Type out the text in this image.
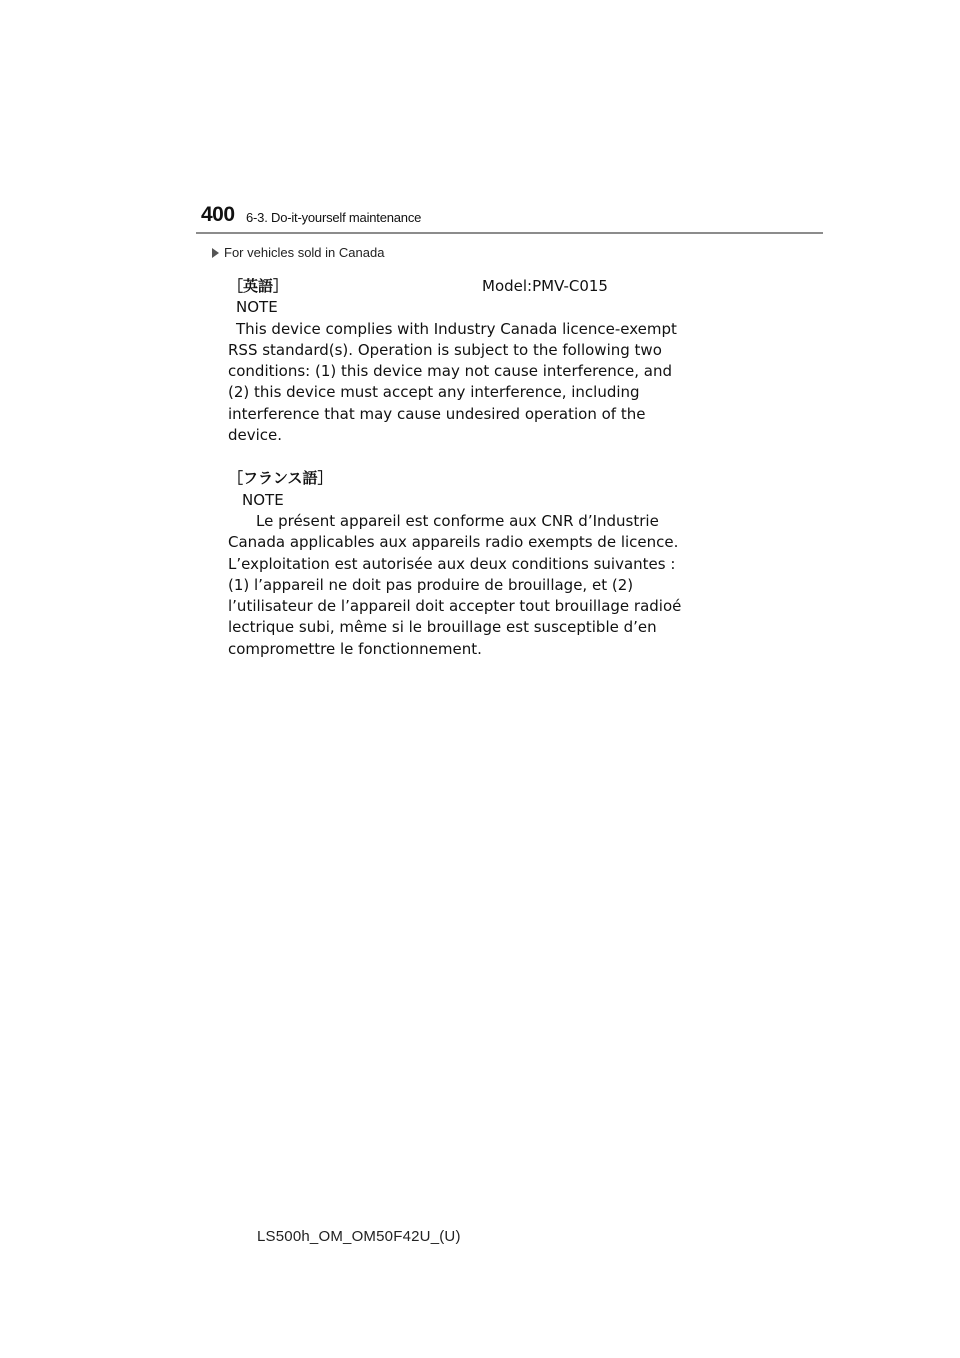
400 6-3. Do-it-yourself maintenance
For vehicles sold in Canada
［英語］	Model:PMV-C015
NOTE
This device complies with Industry Canada licence-exempt
RSS standard(s). Operation is subject to the following two
conditions: (1) this device may not cause interference, and
(2) this device must accept any interference, including
interference that may cause undesired operation of the
device.
［フランス語］
NOTE
Le présent appareil est conforme aux CNR d’Industrie
Canada applicables aux appareils radio exempts de licence.
L’exploitation est autorisée aux deux conditions suivantes :
(1) l’appareil ne doit pas produire de brouillage, et (2)
l’utilisateur de l’appareil doit accepter tout brouillage radioé
lectrique subi, même si le brouillage est susceptible d’en
compromettre le fonctionnement.
LS500h_OM_OM50F42U_(U)
